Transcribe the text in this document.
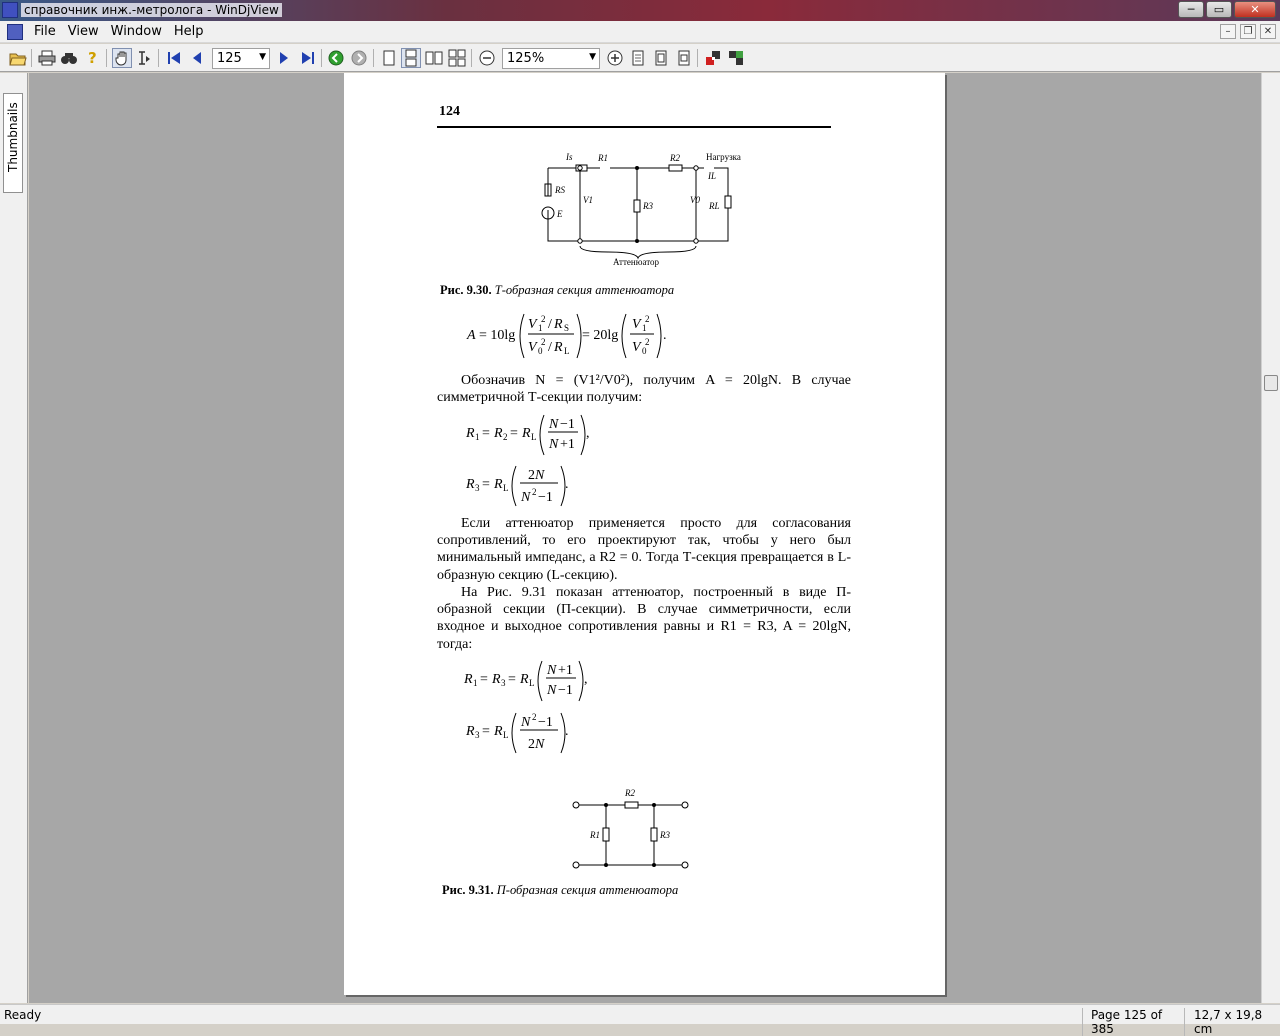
справочник инж.-метролога - WinDjView	─	▭	✕
File View Window Help	–	❐	✕
?	125 ▼	125%	▼
Thumbnails	124
Is	R1	R2	Нагрузка
IL
RS
V1
R3
V0
RL
E
Аттенюатор
Рис. 9.30. Т-образная секция аттенюатора
A = 10lg
V 1
2 / R S
V 0
2 / R L
= 20lg
V 1
2
V 0
2 .
Обозначив N = (V1²/V0²), получим A = 20lgN. В случае симметричной Т-секции получим:
R 1 = R 2 = R L
N −1
N +1
,
R 3 = R L
2 N
N 2 −1
.
Если аттенюатор применяется просто для согласования сопротивлений, то его проектируют так, чтобы у него был минимальный импеданс, а R2 = 0. Тогда Т-секция превращается в L-образную секцию (L-секцию).
На Рис. 9.31 показан аттенюатор, построенный в виде П-образной секции (П-секции). В случае симметричности, если входное и выходное сопротивления равны и R1 = R3, A = 20lgN, тогда:
R 1 = R 3 = R L
N +1
N −1
,
R 3 = R L
N 2 −1
2 N
.
R2
R1	R3
Рис. 9.31. П-образная секция аттенюатора
Ready	Page 125 of 385
12,7 x 19,8 cm
